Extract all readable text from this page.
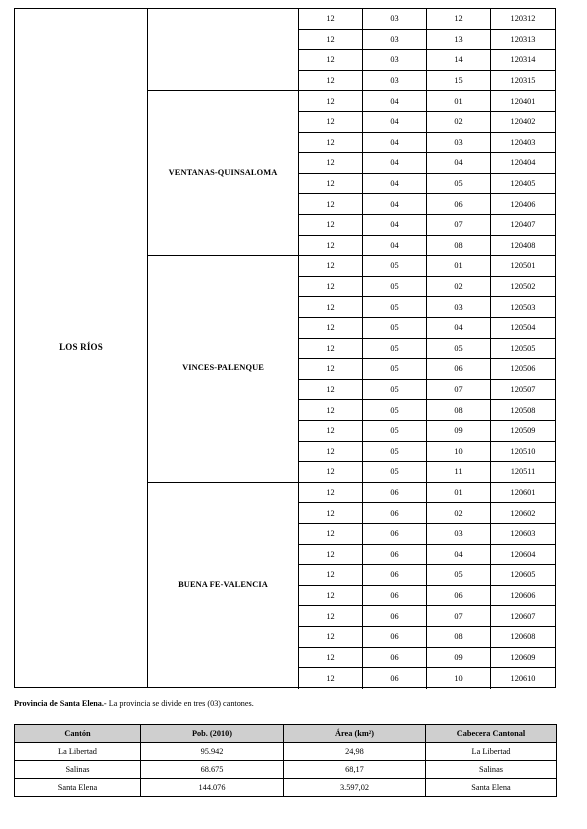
LOS RÍOS
12	03	12	120312
12	03	13	120313
12	03	14	120314
12	03	15	120315
VENTANAS-QUINSALOMA
12	04	01	120401
12	04	02	120402
12	04	03	120403
12	04	04	120404
12	04	05	120405
12	04	06	120406
12	04	07	120407
12	04	08	120408
VINCES-PALENQUE
12	05	01	120501
12	05	02	120502
12	05	03	120503
12	05	04	120504
12	05	05	120505
12	05	06	120506
12	05	07	120507
12	05	08	120508
12	05	09	120509
12	05	10	120510
12	05	11	120511
BUENA FE-VALENCIA
12	06	01	120601
12	06	02	120602
12	06	03	120603
12	06	04	120604
12	06	05	120605
12	06	06	120606
12	06	07	120607
12	06	08	120608
12	06	09	120609
12	06	10	120610
Provincia de Santa Elena.- La provincia se divide en tres (03) cantones.
Cantón	Pob. (2010)	Área (km²)	Cabecera Cantonal
La Libertad	95.942	24,98	La Libertad
Salinas	68.675	68,17	Salinas
Santa Elena	144.076	3.597,02	Santa Elena
